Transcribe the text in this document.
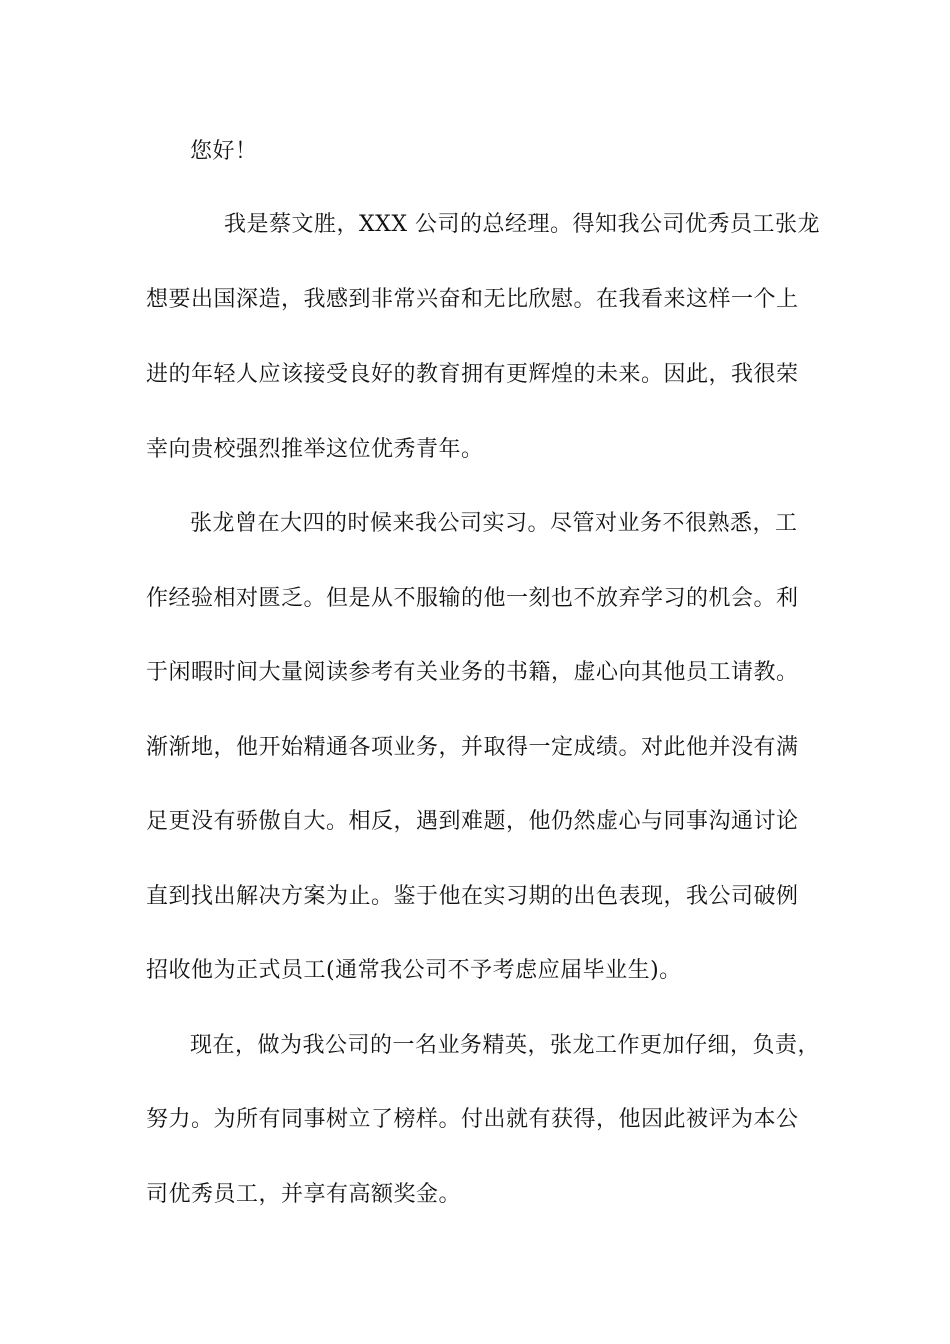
您好！
我是蔡文胜，XXX 公司的总经理。得知我公司优秀员工张龙
想要出国深造，我感到非常兴奋和无比欣慰。在我看来这样一个上
进的年轻人应该接受良好的教育拥有更辉煌的未来。因此，我很荣
幸向贵校强烈推举这位优秀青年。
张龙曾在大四的时候来我公司实习。尽管对业务不很熟悉，工
作经验相对匮乏。但是从不服输的他一刻也不放弃学习的机会。利
于闲暇时间大量阅读参考有关业务的书籍，虚心向其他员工请教。
渐渐地，他开始精通各项业务，并取得一定成绩。对此他并没有满
足更没有骄傲自大。相反，遇到难题，他仍然虚心与同事沟通讨论
直到找出解决方案为止。鉴于他在实习期的出色表现，我公司破例
招收他为正式员工(通常我公司不予考虑应届毕业生)。
现在，做为我公司的一名业务精英，张龙工作更加仔细，负责，
努力。为所有同事树立了榜样。付出就有获得，他因此被评为本公
司优秀员工，并享有高额奖金。
